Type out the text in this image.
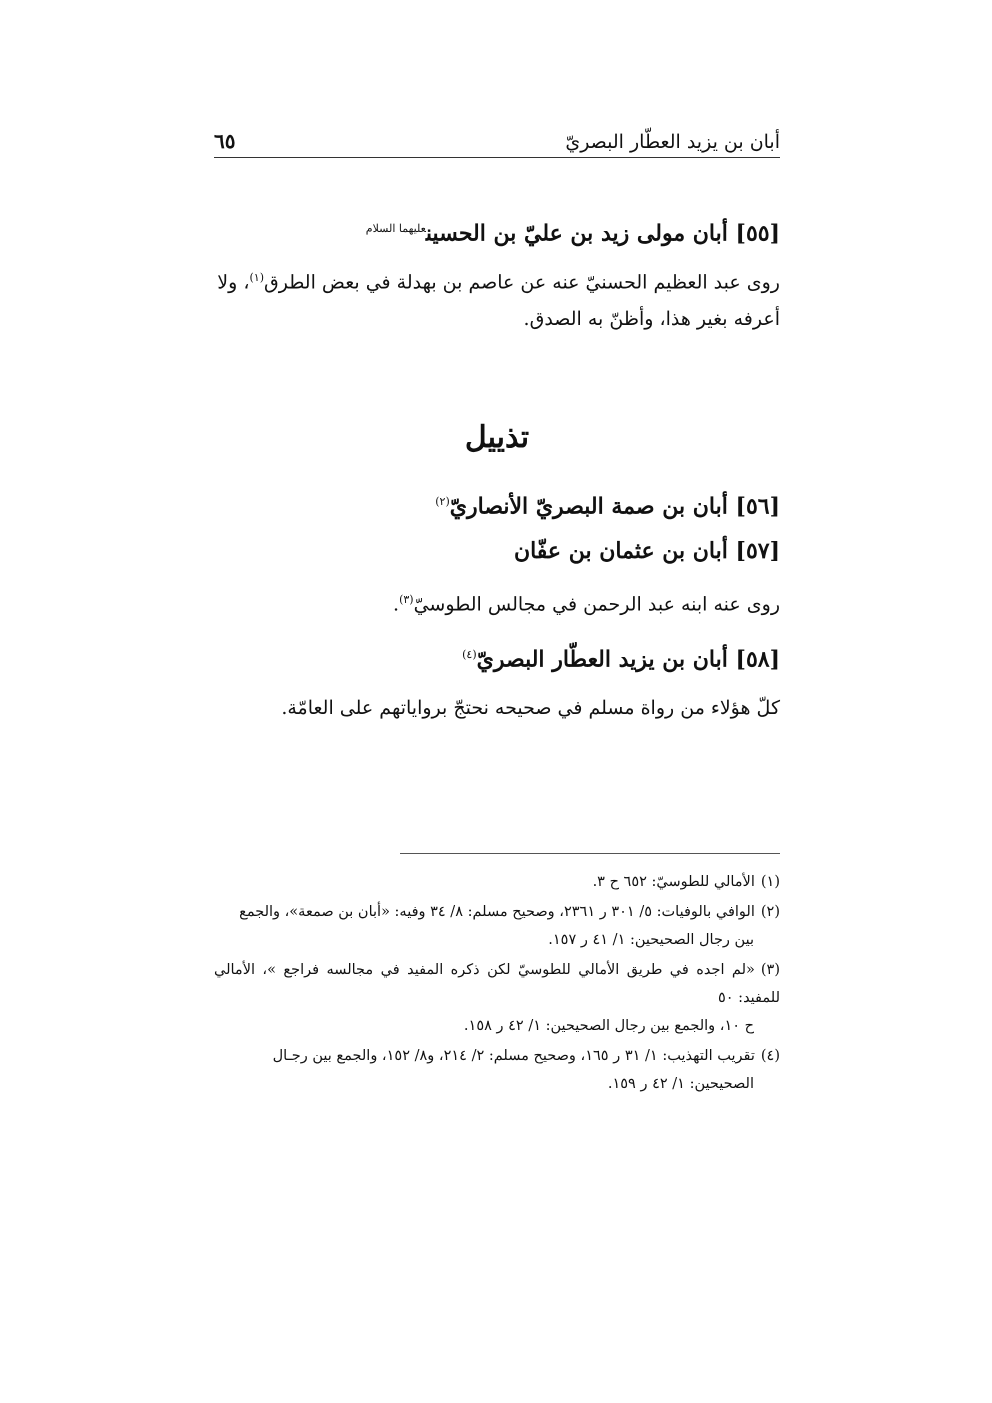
أبان بن يزيد العطّار البصريّ
٦٥
[٥٥] أبان مولى زيد بن عليّ بن الحسين$^{عليهما السلام}$
روى عبد العظيم الحسنيّ عنه عن عاصم بن بهدلة في بعض الطرق$^{(١)}$، ولا أعرفه بغير هذا، وأظنّ به الصدق.
تذييل
[٥٦] أبان بن صمة البصريّ الأنصاريّ$^{(٢)}$
[٥٧] أبان بن عثمان بن عفّان
روى عنه ابنه عبد الرحمن في مجالس الطوسيّ$^{(٣)}$.
[٥٨] أبان بن يزيد العطّار البصريّ$^{(٤)}$
كلّ هؤلاء من رواة مسلم في صحيحه نحتجّ برواياتهم على العامّة.
(١)الأمالي للطوسيّ: ٦٥٢ ح ٣.
(٢)الوافي بالوفيات: ٥/ ٣٠١ ر ٢٣٦١، وصحيح مسلم: ٨/ ٣٤ وفيه: «أبان بن صمعة»، والجمع
بين رجال الصحيحين: ١/ ٤١ ر ١٥٧.
(٣)«لم اجده في طريق الأمالي للطوسيّ لكن ذكره المفيد في مجالسه فراجع »، الأمالي للمفيد: ٥٠
ح ١٠، والجمع بين رجال الصحيحين: ١/ ٤٢ ر ١٥٨.
(٤)تقريب التهذيب: ١/ ٣١ ر ١٦٥، وصحيح مسلم: ٢/ ٢١٤، و٨/ ١٥٢، والجمع بين رجـال
الصحيحين: ١/ ٤٢ ر ١٥٩.
